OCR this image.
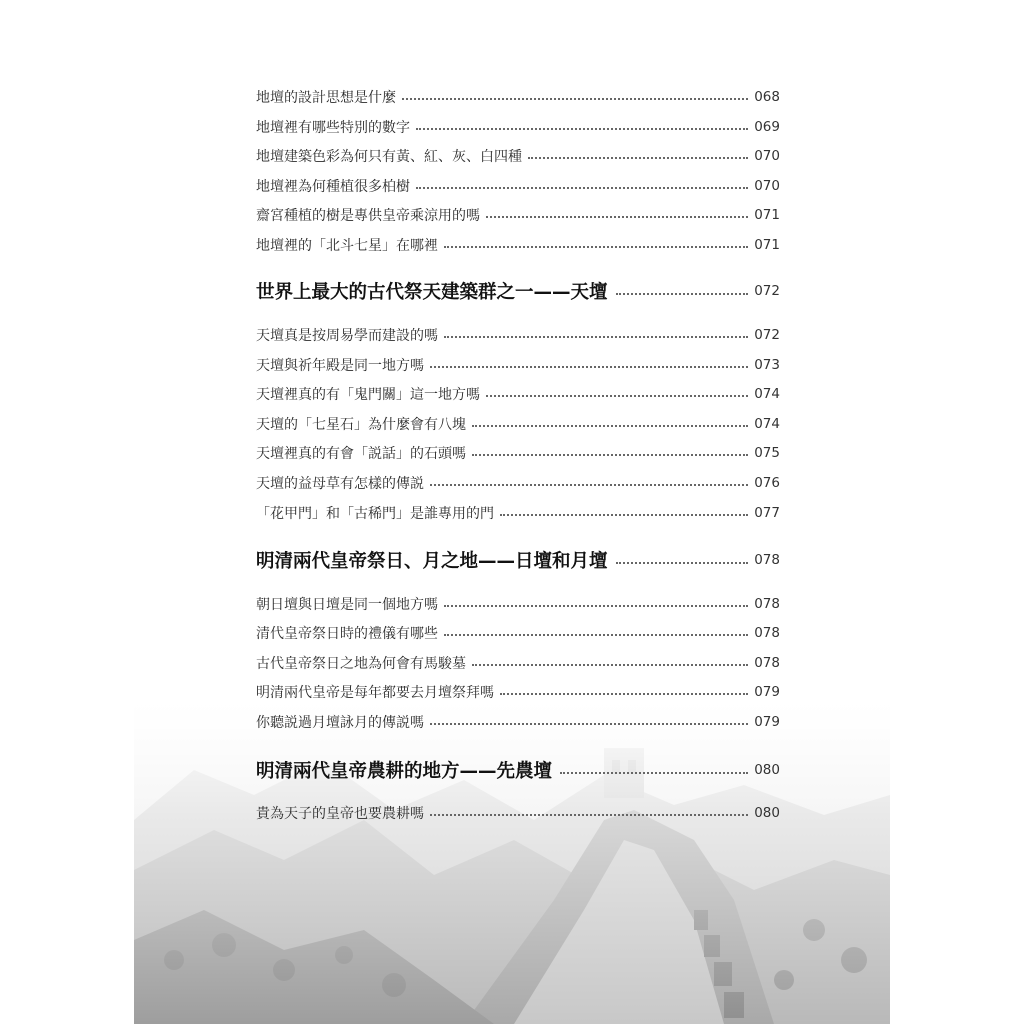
地壇的設計思想是什麼	068
地壇裡有哪些特別的數字	069
地壇建築色彩為何只有黃、紅、灰、白四種	070
地壇裡為何種植很多柏樹	070
齋宮種植的樹是專供皇帝乘涼用的嗎	071
地壇裡的「北斗七星」在哪裡	071
世界上最大的古代祭天建築群之一——天壇	072
天壇真是按周易學而建設的嗎	072
天壇與祈年殿是同一地方嗎	073
天壇裡真的有「鬼門關」這一地方嗎	074
天壇的「七星石」為什麼會有八塊	074
天壇裡真的有會「説話」的石頭嗎	075
天壇的益母草有怎樣的傳説	076
「花甲門」和「古稀門」是誰專用的門	077
明清兩代皇帝祭日、月之地——日壇和月壇	078
朝日壇與日壇是同一個地方嗎	078
清代皇帝祭日時的禮儀有哪些	078
古代皇帝祭日之地為何會有馬駿墓	078
明清兩代皇帝是每年都要去月壇祭拜嗎	079
你聽説過月壇詠月的傳説嗎	079
明清兩代皇帝農耕的地方——先農壇	080
貴為天子的皇帝也要農耕嗎	080
